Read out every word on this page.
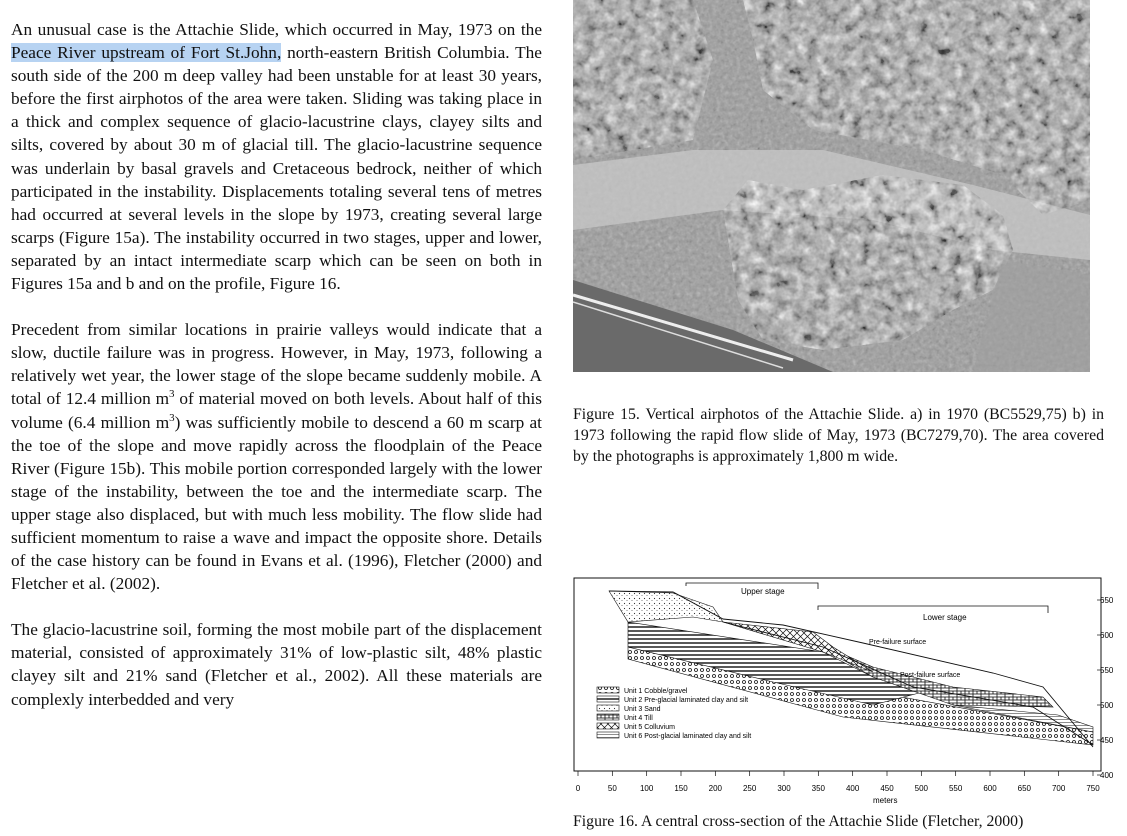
An unusual case is the Attachie Slide, which occurred in May, 1973 on the Peace River upstream of Fort St.John, north-eastern British Columbia. The south side of the 200 m deep valley had been unstable for at least 30 years, before the first airphotos of the area were taken. Sliding was taking place in a thick and complex sequence of glacio-lacustrine clays, clayey silts and silts, covered by about 30 m of glacial till. The glacio-lacustrine sequence was underlain by basal gravels and Cretaceous bedrock, neither of which participated in the instability. Displacements totaling several tens of metres had occurred at several levels in the slope by 1973, creating several large scarps (Figure 15a). The instability occurred in two stages, upper and lower, separated by an intact intermediate scarp which can be seen on both in Figures 15a and b and on the profile, Figure 16.

Precedent from similar locations in prairie valleys would indicate that a slow, ductile failure was in progress. However, in May, 1973, following a relatively wet year, the lower stage of the slope became suddenly mobile. A total of 12.4 million $m^3$ of material moved on both levels. About half of this volume (6.4 million $m^3$) was sufficiently mobile to descend a 60 m scarp at the toe of the slope and move rapidly across the floodplain of the Peace River (Figure 15b). This mobile portion corresponded largely with the lower stage of the instability, between the toe and the intermediate scarp. The upper stage also displaced, but with much less mobility. The flow slide had sufficient momentum to raise a wave and impact the opposite shore. Details of the case history can be found in Evans et al. (1996), Fletcher (2000) and Fletcher et al. (2002).

The glacio-lacustrine soil, forming the most mobile part of the displacement material, consisted of approximately 31% of low-plastic silt, 48% plastic clayey silt and 21% sand (Fletcher et al., 2002). All these materials are complexly interbedded and very

Figure 15. Vertical airphotos of the Attachie Slide. a) in 1970 (BC5529,75) b) in 1973 following the rapid flow slide of May, 1973 (BC7279,70). The area covered by the photographs is approximately 1,800 m wide.
Upper stage
Lower stage
Pre-failure surface
Post-failure surface
Unit 1 Cobble/gravel
Unit 2 Pre-glacial laminated clay and silt
Unit 3 Sand
Unit 4 Till
Unit 5 Colluvium
Unit 6 Post-glacial laminated clay and silt
0	50	100	150	200	250	300	350	400	450	500	550	600	650	700	750
650
600
550
500
450
400
meters
Figure 16. A central cross-section of the Attachie Slide (Fletcher, 2000)
